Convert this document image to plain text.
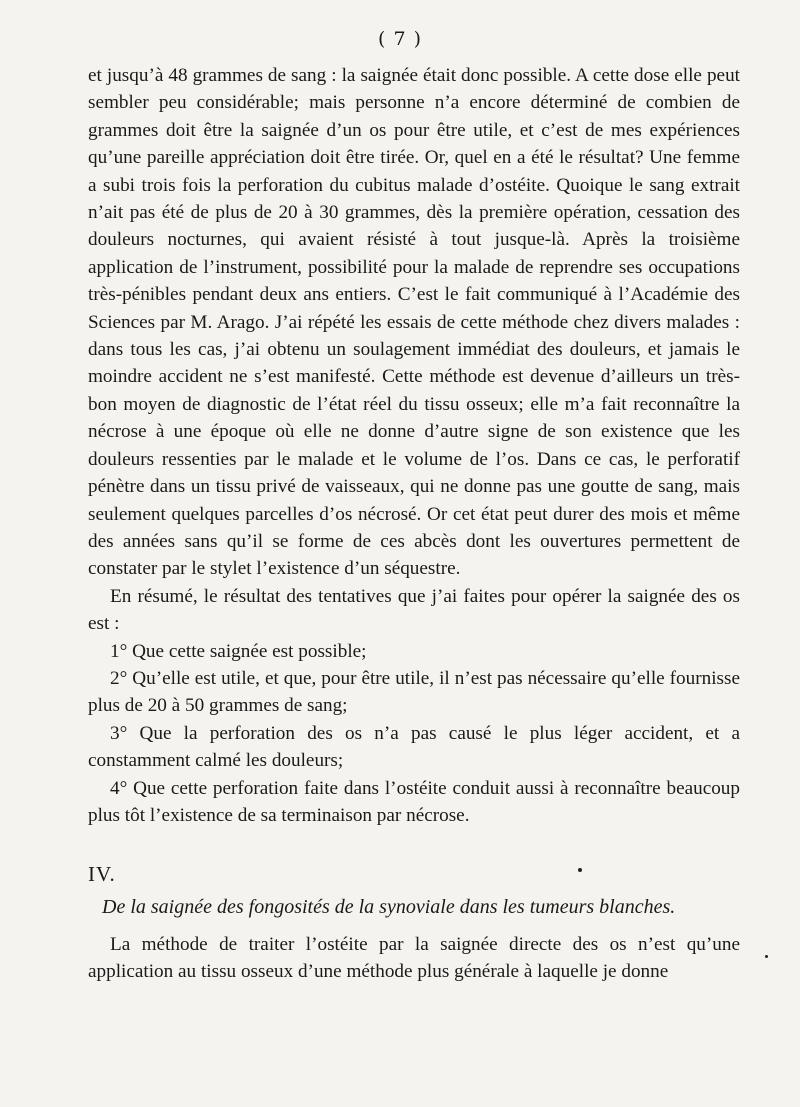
( 7 )

et jusqu’à 48 grammes de sang : la saignée était donc possible. A cette dose elle peut sembler peu considérable; mais personne n’a encore déterminé de combien de grammes doit être la saignée d’un os pour être utile, et c’est de mes expériences qu’une pareille appréciation doit être tirée. Or, quel en a été le résultat? Une femme a subi trois fois la perforation du cubitus malade d’ostéite. Quoique le sang extrait n’ait pas été de plus de 20 à 30 grammes, dès la première opération, cessation des douleurs nocturnes, qui avaient résisté à tout jusque-là. Après la troisième application de l’instrument, possibilité pour la malade de reprendre ses occupations très-pénibles pendant deux ans entiers. C’est le fait communiqué à l’Académie des Sciences par M. Arago. J’ai répété les essais de cette méthode chez divers malades : dans tous les cas, j’ai obtenu un soulagement immédiat des douleurs, et jamais le moindre accident ne s’est manifesté. Cette méthode est devenue d’ailleurs un très-bon moyen de diagnostic de l’état réel du tissu osseux; elle m’a fait reconnaître la nécrose à une époque où elle ne donne d’autre signe de son existence que les douleurs ressenties par le malade et le volume de l’os. Dans ce cas, le perforatif pénètre dans un tissu privé de vaisseaux, qui ne donne pas une goutte de sang, mais seulement quelques parcelles d’os nécrosé. Or cet état peut durer des mois et même des années sans qu’il se forme de ces abcès dont les ouvertures permettent de constater par le stylet l’existence d’un séquestre.

En résumé, le résultat des tentatives que j’ai faites pour opérer la saignée des os est :

1° Que cette saignée est possible;

2° Qu’elle est utile, et que, pour être utile, il n’est pas nécessaire qu’elle fournisse plus de 20 à 50 grammes de sang;

3° Que la perforation des os n’a pas causé le plus léger accident, et a constamment calmé les douleurs;

4° Que cette perforation faite dans l’ostéite conduit aussi à reconnaître beaucoup plus tôt l’existence de sa terminaison par nécrose.

IV.

De la saignée des fongosités de la synoviale dans les tumeurs blanches.

La méthode de traiter l’ostéite par la saignée directe des os n’est qu’une application au tissu osseux d’une méthode plus générale à laquelle je donne
